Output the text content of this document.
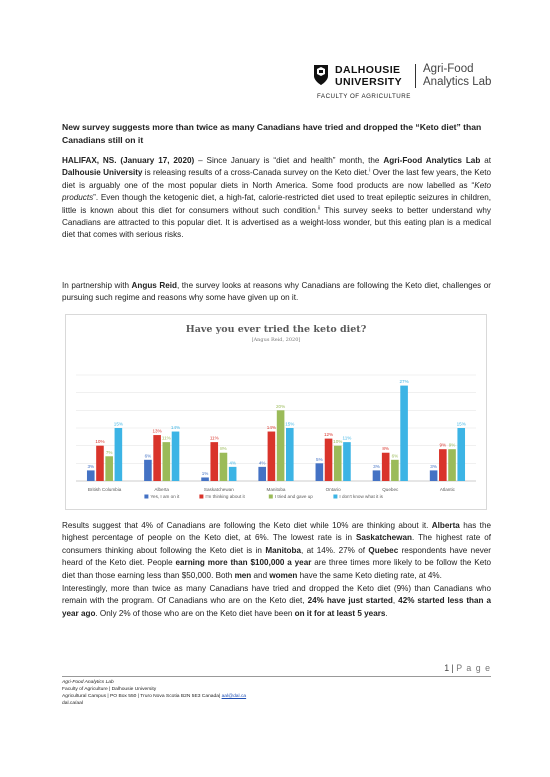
DALHOUSIE
UNIVERSITY
FACULTY OF AGRICULTURE
Agri-Food
Analytics Lab
New survey suggests more than twice as many Canadians have tried and dropped the “Keto diet” than Canadians still on it

HALIFAX, NS. (January 17, 2020) – Since January is “diet and health” month, the Agri-Food Analytics Lab at Dalhousie University is releasing results of a cross-Canada survey on the Keto diet.$^i$ Over the last few years, the Keto diet is arguably one of the most popular diets in North America. Some food products are now labelled as “Keto products”. Even though the ketogenic diet, a high-fat, calorie-restricted diet used to treat epileptic seizures in children, little is known about this diet for consumers without such condition.$^{ii}$ This survey seeks to better understand why Canadians are attracted to this popular diet. It is advertised as a weight-loss wonder, but this eating plan is a medical diet that comes with serious risks.

In partnership with Angus Reid, the survey looks at reasons why Canadians are following the Keto diet, challenges or pursuing such regime and reasons why some have given up on it.

Have you ever tried the keto diet?
[Angus Reid, 2020]
3%
10%
7%
15%
British Columbia
6%
13%
11%
14%
Alberta
1%
11%
8%
4%
Saskatchewan
4%
14%
20%
15%
Manitoba
5%
12%
10%
11%
Ontario
3%
8%
6%
27%
Quebec
3%
9% 9%
15%
Atlantic
Yes, I am on it	I'm thinking about it	I tried and gave up	I don't know what it is

Results suggest that 4% of Canadians are following the Keto diet while 10% are thinking about it. Alberta has the highest percentage of people on the Keto diet, at 6%. The lowest rate is in Saskatchewan. The highest rate of consumers thinking about following the Keto diet is in Manitoba, at 14%. 27% of Quebec respondents have never heard of the Keto diet. People earning more than $100,000 a year are three times more likely to be follow the Keto diet than those earning less than $50,000. Both men and women have the same Keto dieting rate, at 4%.

Interestingly, more than twice as many Canadians have tried and dropped the Keto diet (9%) than Canadians who remain with the program. Of Canadians who are on the Keto diet, 24% have just started, 42% started less than a year ago. Only 2% of those who are on the Keto diet have been on it for at least 5 years.

1 | P a g e
Agri-Food Analytics Lab
Faculty of Agriculture | Dalhousie University
Agricultural Campus | PO Box 550 | Truro Nova Scotia B2N 5E3 Canada| aal@dal.ca
dal.ca/aal
